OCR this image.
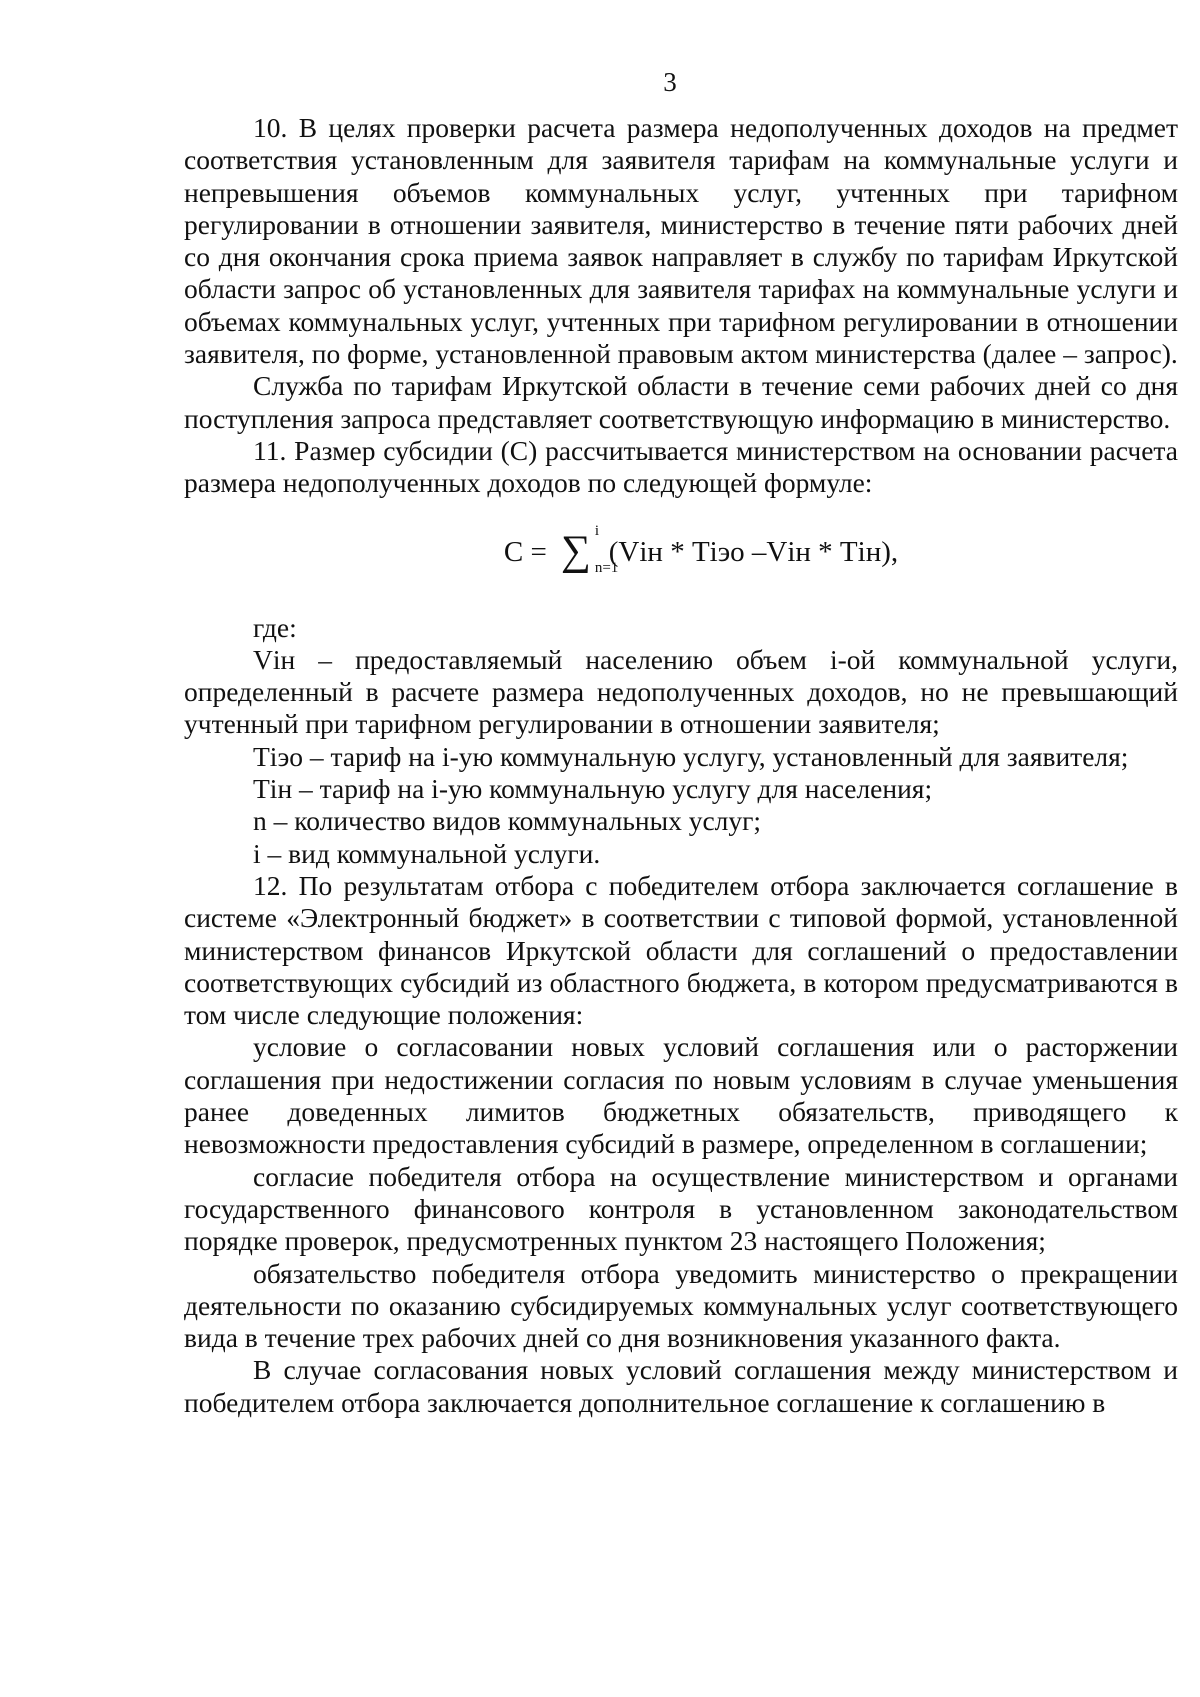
3

10. В целях проверки расчета размера недополученных доходов на предмет соответствия установленным для заявителя тарифам на коммунальные услуги и непревышения объемов коммунальных услуг, учтенных при тарифном регулировании в отношении заявителя, министерство в течение пяти рабочих дней со дня окончания срока приема заявок направляет в службу по тарифам Иркутской области запрос об установленных для заявителя тарифах на коммунальные услуги и объемах коммунальных услуг, учтенных при тарифном регулировании в отношении заявителя, по форме, установленной правовым актом министерства (далее – запрос).

Служба по тарифам Иркутской области в течение семи рабочих дней со дня поступления запроса представляет соответствующую информацию в министерство.

11. Размер субсидии (С) рассчитывается министерством на основании расчета размера недополученных доходов по следующей формуле:

С = ∑ i
n=1
(Vін * Тіэо –Vін * Тін),

где:

Vін – предоставляемый населению объем і-ой коммунальной услуги, определенный в расчете размера недополученных доходов, но не превышающий учтенный при тарифном регулировании в отношении заявителя;

Тіэо – тариф на і-ую коммунальную услугу, установленный для заявителя;

Тін – тариф на і-ую коммунальную услугу для населения;

n – количество видов коммунальных услуг;

і – вид коммунальной услуги.

12. По результатам отбора с победителем отбора заключается соглашение в системе «Электронный бюджет» в соответствии с типовой формой, установленной министерством финансов Иркутской области для соглашений о предоставлении соответствующих субсидий из областного бюджета, в котором предусматриваются в том числе следующие положения:

условие о согласовании новых условий соглашения или о расторжении соглашения при недостижении согласия по новым условиям в случае уменьшения ранее доведенных лимитов бюджетных обязательств, приводящего к невозможности предоставления субсидий в размере, определенном в соглашении;

согласие победителя отбора на осуществление министерством и органами государственного финансового контроля в установленном законодательством порядке проверок, предусмотренных пунктом 23 настоящего Положения;

обязательство победителя отбора уведомить министерство о прекращении деятельности по оказанию субсидируемых коммунальных услуг соответствующего вида в течение трех рабочих дней со дня возникновения указанного факта.

В случае согласования новых условий соглашения между министерством и победителем отбора заключается дополнительное соглашение к соглашению в
